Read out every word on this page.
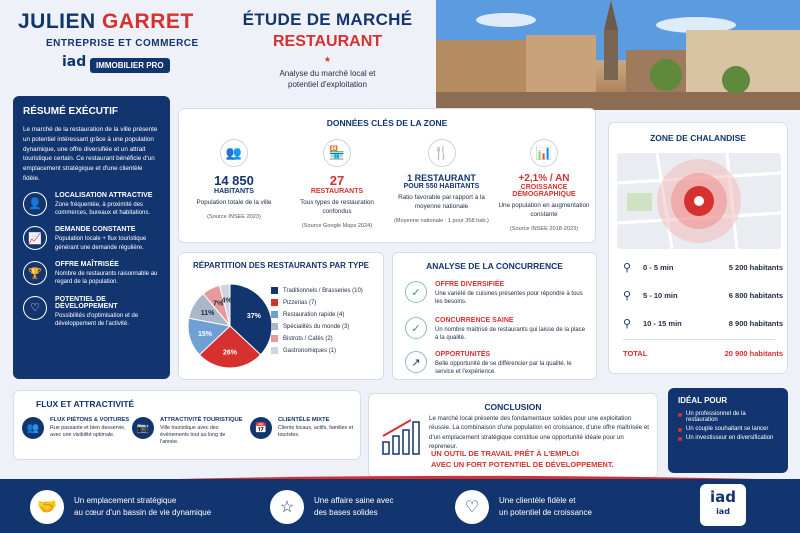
JULIEN GARRET
ENTREPRISE ET COMMERCE
iad	IMMOBILIER PRO
ÉTUDE DE MARCHÉ
RESTAURANT
★
Analyse du marché local et
potentiel d'exploitation
RÉSUMÉ EXÉCUTIF
Le marché de la restauration de la ville présente un potentiel intéressant grâce à une population dynamique, une offre diversifiée et un attrait touristique certain. Ce restaurant bénéficie d'un emplacement stratégique et d'une clientèle fidèle.
👤
LOCALISATION ATTRACTIVE
Zone fréquentée, à proximité des commerces, bureaux et habitations.
📈
DEMANDE CONSTANTE
Population locale + flux touristique générant une demande régulière.
🏆
OFFRE MAÎTRISÉE
Nombre de restaurants raisonnable au regard de la population.
♡
POTENTIEL DE DÉVELOPPEMENT
Possibilités d'optimisation et de développement de l'activité.
DONNÉES CLÉS DE LA ZONE
👥
14 850
HABITANTS
Population totale de la ville
(Source INSEE 2023)
🏪
27
RESTAURANTS
Tous types de restauration confondus
(Source Google Maps 2024)
🍴
1 RESTAURANT
POUR 550 HABITANTS
Ratio favorable par rapport à la moyenne nationale
(Moyenne nationale : 1 pour 358 hab.)
📊
+2,1% / AN
CROISSANCE DÉMOGRAPHIQUE
Une population en augmentation constante
(Source INSEE 2018-2023)
ZONE DE CHALANDISE
⚲	0 - 5 min	5 200 habitants
⚲	5 - 10 min	6 800 habitants
⚲	10 - 15 min	8 900 habitants
TOTAL	20 900 habitants
RÉPARTITION DES RESTAURANTS PAR TYPE
37%
26%
15%
11%
7%
4%
Traditionnels / Brasseries (10)
Pizzerias (7)
Restauration rapide (4)
Spécialités du monde (3)
Bistrots / Cafés (2)
Gastronomiques (1)
ANALYSE DE LA CONCURRENCE
✓
OFFRE DIVERSIFIÉE
Une variété de cuisines présentes pour répondre à tous les besoins.
✓
CONCURRENCE SAINE
Un nombre maîtrisé de restaurants qui laisse de la place à la qualité.
↗
OPPORTUNITÉS
Belle opportunité de se différencier par la qualité, le service et l'expérience.
FLUX ET ATTRACTIVITÉ
👥
FLUX PIÉTONS & VOITURES
Rue passante et bien desservie, avec une visibilité optimale.
📷
ATTRACTIVITÉ TOURISTIQUE
Ville touristique avec des événements tout au long de l'année.
📅
CLIENTÈLE MIXTE
Clients locaux, actifs, familles et touristes.
CONCLUSION

Le marché local présente des fondamentaux solides pour une exploitation réussie. La combinaison d'une population en croissance, d'une offre maîtrisée et d'un emplacement stratégique constitue une opportunité idéale pour un repreneur.

UN OUTIL DE TRAVAIL PRÊT À L'EMPLOI
AVEC UN FORT POTENTIEL DE DÉVELOPPEMENT.
IDÉAL POUR
Un professionnel de la restauration
Un couple souhaitant se lancer
Un investisseur en diversification
🤝	Un emplacement stratégique
au cœur d'un bassin de vie dynamique	☆	Une affaire saine avec
des bases solides	♡	Une clientèle fidèle et
un potentiel de croissance
iad
iad
